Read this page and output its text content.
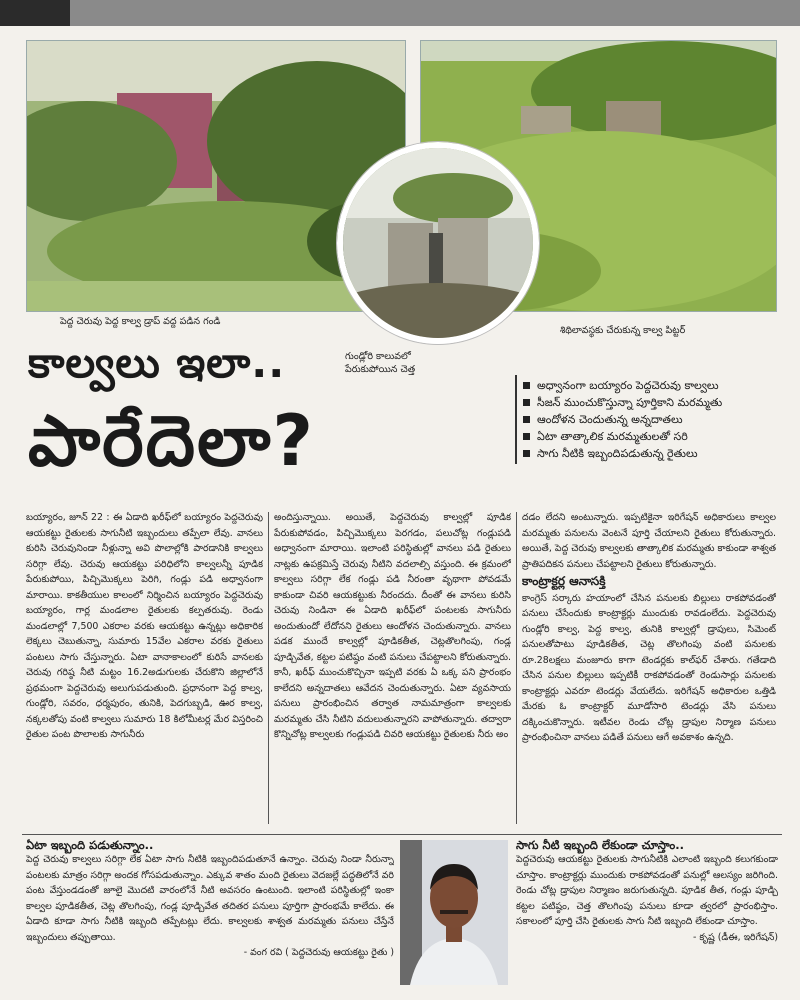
పెద్ద చెరువు పెద్ద కాల్వ డ్రాప్ వద్ద పడిన గండి
శిథిలావస్థకు చేరుకున్న కాల్వ పిట్టర్
గుండ్లోరి కాలువలో
పేరుకుపోయిన చెత్త
కాల్వలు ఇలా..
పారేదెలా?
అధ్వానంగా బయ్యారం పెద్దచెరువు కాల్వలు
సీజన్ ముంచుకొస్తున్నా పూర్తికాని మరమ్మతు
ఆందోళన చెందుతున్న అన్నదాతలు
ఏటా తాత్కాలిక మరమ్మతులతో సరి
సాగు నీటికి ఇబ్బందిపడుతున్న రైతులు

బయ్యారం, జూన్ 22 : ఈ ఏడాది ఖరీఫ్‌లో బయ్యారం పెద్దచెరువు ఆయకట్టు రైతులకు సాగునీటి ఇబ్బందులు తప్పేలా లేవు. వానలు కురిసి చెరువునిండా నీళ్లున్నా అవి పొలాల్లోకి పారడానికి కాల్వలు సరిగ్గా లేవు. చెరువు ఆయకట్టు పరిధిలోని కాల్వలన్నీ పూడిక పేరుకుపోయి, పిచ్చిమొక్కలు పెరిగి, గండ్లు పడి అధ్వానంగా మారాయి. కాకతీయుల కాలంలో నిర్మించిన బయ్యారం పెద్దచెరువు బయ్యారం, గార్ల మండలాల రైతులకు కల్పతరువు. రెండు మండలాల్లో 7,500 ఎకరాల వరకు ఆయకట్టు ఉన్నట్లు అధికారిక లెక్కలు చెబుతున్నా, సుమారు 15వేల ఎకరాల వరకు రైతులు పంటలు సాగు చేస్తున్నారు. ఏటా వానాకాలంలో కురిసే వానలకు చెరువు గరిష్ఠ నీటి మట్టం 16.2అడుగులకు చేరుకొని జిల్లాలోనే ప్రథమంగా పెద్దచెరువు అలుగుపడుతుంది. ప్రధానంగా పెద్ద కాల్వ, గుండ్లోరి, సవరం, ధర్మపురం, తునికి, పెదగుబ్బడి, ఊర కాల్వ, నక్కలతోపు వంటి కాల్వలు సుమారు 18 కిలోమీటర్ల మేర విస్తరించి రైతుల పంట పొలాలకు సాగునీరు

అందిస్తున్నాయి. అయితే, పెద్దచెరువు కాల్వల్లో పూడిక పేరుకుపోవడం, పిచ్చిమొక్కలు పెరగడం, పలుచోట్ల గండ్లుపడి అధ్వానంగా మారాయి. ఇలాంటి పరిస్థితుల్లో వానలు పడి రైతులు నాట్లకు ఉపక్రమిస్తే చెరువు నీటిని వదలాల్సి వస్తుంది. ఈ క్రమంలో కాల్వలు సరిగ్గా లేక గండ్లు పడి నీరంతా వృథాగా పోవడమే కాకుండా చివరి ఆయకట్టుకు నీరందదు. దీంతో ఈ వానలు కురిసి చెరువు నిండినా ఈ ఏడాది ఖరీఫ్‌లో పంటలకు సాగునీరు అందుతుందో లేదోనని రైతులు ఆందోళన చెందుతున్నారు. వానలు పడక ముందే కాల్వల్లో పూడికతీత, చెట్లతొలగింపు, గండ్ల పూడ్చివేత, కట్టల పటిష్ఠం వంటి పనులు చేపట్టాలని కోరుతున్నారు. కానీ, ఖరీఫ్ ముంచుకొచ్చినా ఇప్పటి వరకు ఏ ఒక్క పని ప్రారంభం కాలేదని అన్నదాతలు ఆవేదన చెందుతున్నారు. ఏటా వ్యవసాయ పనులు ప్రారంభించిన తర్వాత నామమాత్రంగా కాల్వలకు మరమ్మతు చేసి నీటిని వదులుతున్నారని వాపోతున్నారు. తద్వారా కొన్నిచోట్ల కాల్వలకు గండ్లుపడి చివరి ఆయకట్టు రైతులకు నీరు అం

దడం లేదని అంటున్నారు. ఇప్పటికైనా ఇరిగేషన్ అధికారులు కాల్వల మరమ్మతు పనులను వెంటనే పూర్తి చేయాలని రైతులు కోరుతున్నారు. అయితే, పెద్ద చెరువు కాల్వలకు తాత్కాలిక మరమ్మతు కాకుండా శాశ్వత ప్రాతిపదికన పనులు చేపట్టాలని రైతులు కోరుతున్నారు.

కాంట్రాక్టర్ల ఆనాసక్తి

కాంగ్రెస్ సర్కారు హయాంలో చేసిన పనులకు బిల్లులు రాకపోవడంతో పనులు చేసేందుకు కాంట్రాక్టర్లు ముందుకు రావడంలేదు. పెద్దచెరువు గుండ్లోరి కాల్వ, పెద్ద కాల్వ, తునికి కాల్వల్లో డ్రాపులు, సిమెంట్ పనులతోపాటు పూడికతీత, చెట్ల తొలగింపు వంటి పనులకు రూ.28లక్షలు మంజూరు కాగా టెండర్లకు కాల్‌ఫర్ చేశారు. గతేడాది చేసిన పనుల బిల్లులు ఇప్పటికీ రాకపోవడంతో రెండుసార్లు పనులకు కాంట్రాక్టర్లు ఎవరూ టెండర్లు వేయలేదు. ఇరిగేషన్ అధికారుల ఒత్తిడి మేరకు ఓ కాంట్రాక్టర్ మూడోసారి టెండర్లు వేసి పనులు దక్కించుకొన్నారు. ఇటీవల రెండు చోట్ల డ్రాపుల నిర్మాణ పనులు ప్రారంభించినా వానలు పడితే పనులు ఆగే అవకాశం ఉన్నది.

ఏటా ఇబ్బంది పడుతున్నాం..

పెద్ద చెరువు కాల్వలు సరిగ్గా లేక ఏటా సాగు నీటికి ఇబ్బందిపడుతూనే ఉన్నాం. చెరువు నిండా నీరున్నా పంటలకు మాత్రం సరిగ్గా అందక గోసపడుతున్నాం. ఎక్కువ శాతం మంది రైతులు వెదజల్లే పద్ధతిలోనే వరి పంట వేస్తుండడంతో జూలై మొదటి వారంలోనే నీటి అవసరం ఉంటుంది. ఇలాంటి పరిస్థితుల్లో ఇంకా కాల్వల పూడికతీత, చెట్ల తొలగింపు, గండ్ల పూడ్చివేత తదితర పనులు పూర్తిగా ప్రారంభమే కాలేదు. ఈ ఏడాది కూడా సాగు నీటికి ఇబ్బంది తప్పేటట్లు లేదు. కాల్వలకు శాశ్వత మరమ్మతు పనులు చేస్తేనే ఇబ్బందులు తప్పుతాయి.

- వంగ రవి ( పెద్దచెరువు ఆయకట్టు రైతు )
సాగు నీటి ఇబ్బంది లేకుండా చూస్తాం..

పెద్దచెరువు ఆయకట్టు రైతులకు సాగునీటికి ఎలాంటి ఇబ్బంది కలుగకుండా చూస్తాం. కాంట్రాక్టర్లు ముందుకు రాకపోవడంతో పనుల్లో ఆలస్యం జరిగింది. రెండు చోట్ల డ్రాపుల నిర్మాణం జరుగుతున్నది. పూడిక తీత, గండ్లు పూడ్చి కట్టల పటిష్ఠం, చెత్త తొలగింపు పనులు కూడా త్వరలో ప్రారంభిస్తాం. సకాలంలో పూర్తి చేసి రైతులకు సాగు నీటి ఇబ్బంది లేకుండా చూస్తాం.

- కృష్ణ (డీఈ, ఇరిగేషన్)
